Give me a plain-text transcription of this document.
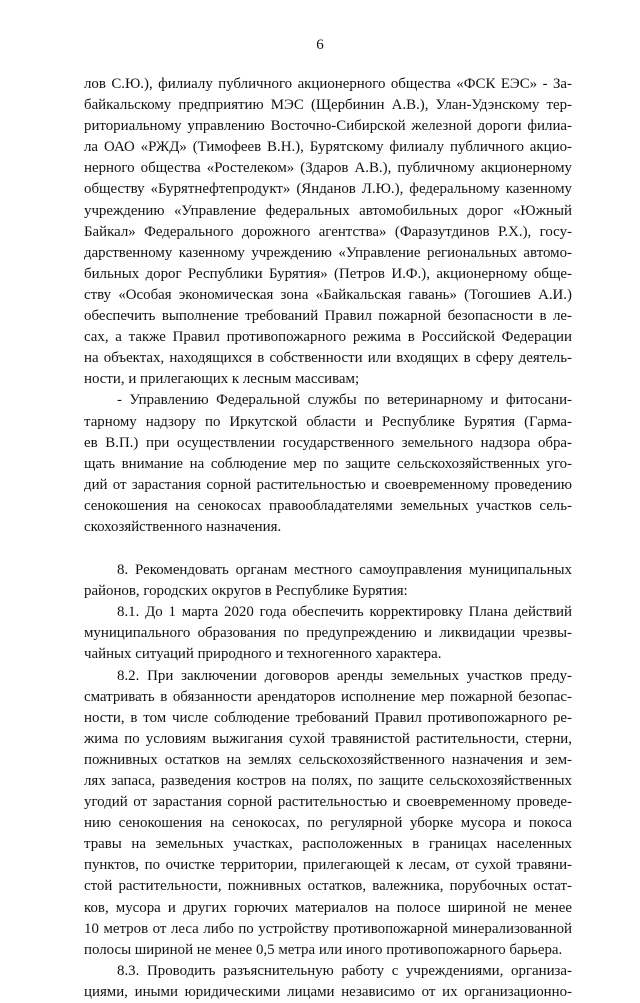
6
лов С.Ю.), филиалу публичного акционерного общества «ФСК ЕЭС» - За-
байкальскому предприятию МЭС (Щербинин А.В.), Улан-Удэнскому тер-
риториальному управлению Восточно-Сибирской железной дороги филиа-
ла ОАО «РЖД» (Тимофеев В.Н.), Бурятскому филиалу публичного акцио-
нерного общества «Ростелеком» (Здаров А.В.), публичному акционерному
обществу «Бурятнефтепродукт» (Янданов Л.Ю.), федеральному казенному
учреждению «Управление федеральных автомобильных дорог «Южный
Байкал» Федерального дорожного агентства» (Фаразутдинов Р.Х.), госу-
дарственному казенному учреждению «Управление региональных автомо-
бильных дорог Республики Бурятия» (Петров И.Ф.), акционерному обще-
ству «Особая экономическая зона «Байкальская гавань» (Тогошиев А.И.)
обеспечить выполнение требований Правил пожарной безопасности в ле-
сах, а также Правил противопожарного режима в Российской Федерации
на объектах, находящихся в собственности или входящих в сферу деятель-
ности, и прилегающих к лесным массивам;
- Управлению Федеральной службы по ветеринарному и фитосани-
тарному надзору по Иркутской области и Республике Бурятия (Гарма-
ев В.П.) при осуществлении государственного земельного надзора обра-
щать внимание на соблюдение мер по защите сельскохозяйственных уго-
дий от зарастания сорной растительностью и своевременному проведению
сенокошения на сенокосах правообладателями земельных участков сель-
скохозяйственного назначения.
8. Рекомендовать органам местного самоуправления муниципальных
районов, городских округов в Республике Бурятия:
8.1. До 1 марта 2020 года обеспечить корректировку Плана действий
муниципального образования по предупреждению и ликвидации чрезвы-
чайных ситуаций природного и техногенного характера.
8.2. При заключении договоров аренды земельных участков преду-
сматривать в обязанности арендаторов исполнение мер пожарной безопас-
ности, в том числе соблюдение требований Правил противопожарного ре-
жима по условиям выжигания сухой травянистой растительности, стерни,
пожнивных остатков на землях сельскохозяйственного назначения и зем-
лях запаса, разведения костров на полях, по защите сельскохозяйственных
угодий от зарастания сорной растительностью и своевременному проведе-
нию сенокошения на сенокосах, по регулярной уборке мусора и покоса
травы на земельных участках, расположенных в границах населенных
пунктов, по очистке территории, прилегающей к лесам, от сухой травяни-
стой растительности, пожнивных остатков, валежника, порубочных остат-
ков, мусора и других горючих материалов на полосе шириной не менее
10 метров от леса либо по устройству противопожарной минерализованной
полосы шириной не менее 0,5 метра или иного противопожарного барьера.
8.3. Проводить разъяснительную работу с учреждениями, организа-
циями, иными юридическими лицами независимо от их организационно-
